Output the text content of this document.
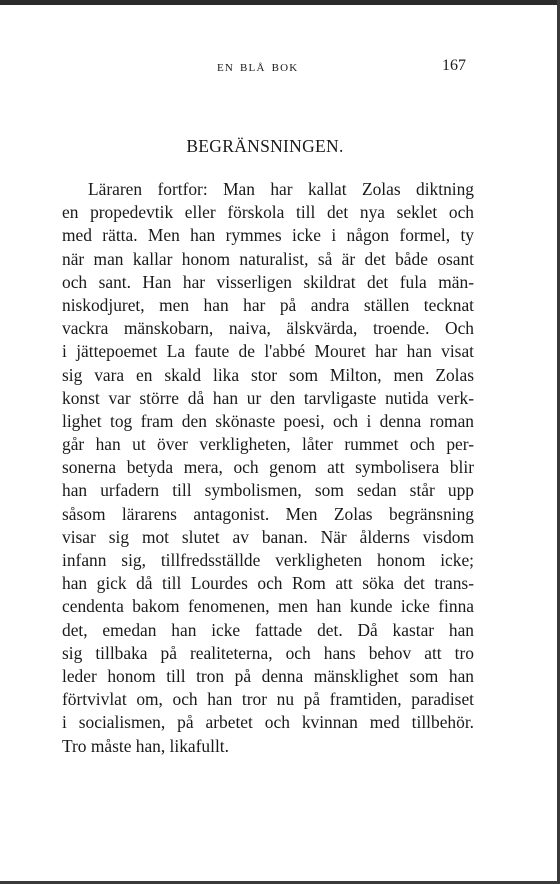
EN BLÅ BOK	167
BEGRÄNSNINGEN.
Läraren fortfor: Man har kallat Zolas diktning
en propedevtik eller förskola till det nya seklet och
med rätta. Men han rymmes icke i någon formel, ty
när man kallar honom naturalist, så är det både osant
och sant. Han har visserligen skildrat det fula män-
niskodjuret, men han har på andra ställen tecknat
vackra mänskobarn, naiva, älskvärda, troende. Och
i jättepoemet La faute de l'abbé Mouret har han visat
sig vara en skald lika stor som Milton, men Zolas
konst var större då han ur den tarvligaste nutida verk-
lighet tog fram den skönaste poesi, och i denna roman
går han ut över verkligheten, låter rummet och per-
sonerna betyda mera, och genom att symbolisera blir
han urfadern till symbolismen, som sedan står upp
såsom lärarens antagonist. Men Zolas begränsning
visar sig mot slutet av banan. När ålderns visdom
infann sig, tillfredsställde verkligheten honom icke;
han gick då till Lourdes och Rom att söka det trans-
cendenta bakom fenomenen, men han kunde icke finna
det, emedan han icke fattade det. Då kastar han
sig tillbaka på realiteterna, och hans behov att tro
leder honom till tron på denna mänsklighet som han
förtvivlat om, och han tror nu på framtiden, paradiset
i socialismen, på arbetet och kvinnan med tillbehör.
Tro måste han, likafullt.
